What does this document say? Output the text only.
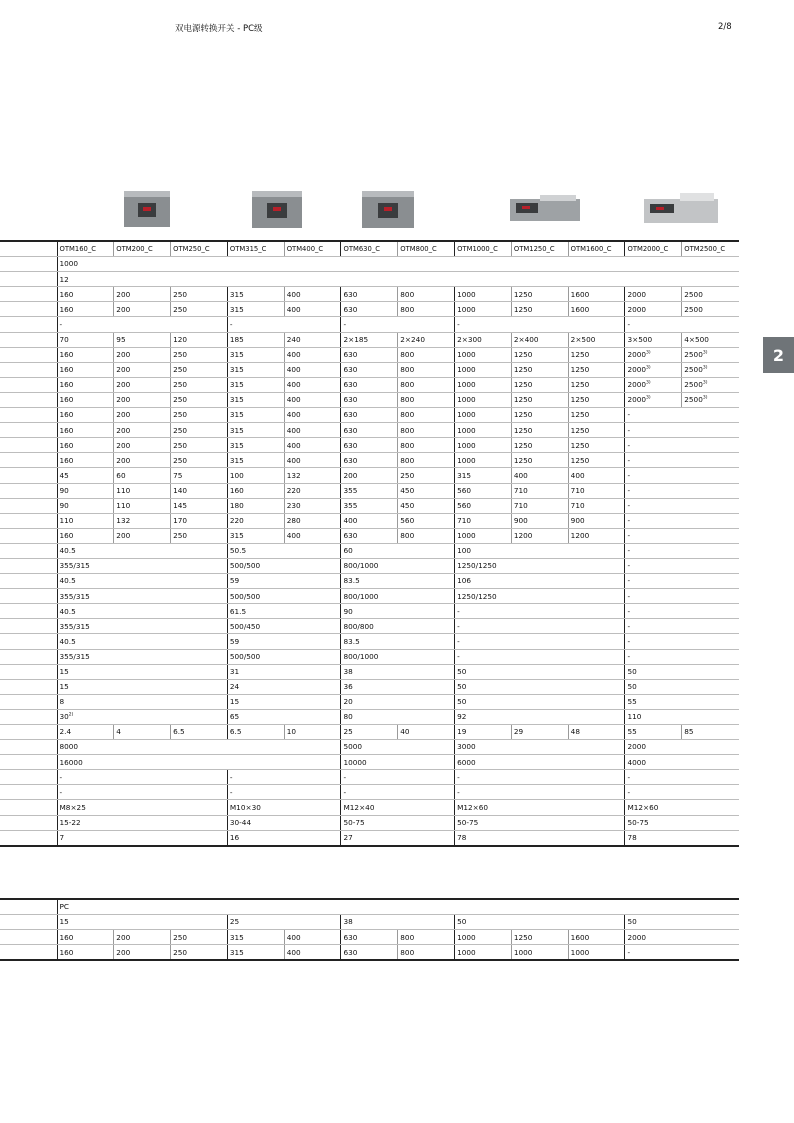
双电源转换开关 - PC级	2/8
2
	OTM160_C	OTM200_C	OTM250_C	OTM315_C	OTM400_C	OTM630_C	OTM800_C	OTM1000_C	OTM1250_C	OTM1600_C	OTM2000_C	OTM2500_C
	1000											
	12											
	160	200	250	315	400	630	800	1000	1250	1600	2000	2500
	160	200	250	315	400	630	800	1000	1250	1600	2000	2500
	-			-		-		-			-	
	70	95	120	185	240	2×185	2×240	2×300	2×400	2×500	3×500	4×500
	160	200	250	315	400	630	800	1000	1250	1250	2000$^{3)}$	2500$^{3)}$
	160	200	250	315	400	630	800	1000	1250	1250	2000$^{3)}$	2500$^{3)}$
	160	200	250	315	400	630	800	1000	1250	1250	2000$^{3)}$	2500$^{3)}$
	160	200	250	315	400	630	800	1000	1250	1250	2000$^{3)}$	2500$^{3)}$
	160	200	250	315	400	630	800	1000	1250	1250	-	
	160	200	250	315	400	630	800	1000	1250	1250	-	
	160	200	250	315	400	630	800	1000	1250	1250	-	
	160	200	250	315	400	630	800	1000	1250	1250	-	
	45	60	75	100	132	200	250	315	400	400	-	
	90	110	140	160	220	355	450	560	710	710	-	
	90	110	145	180	230	355	450	560	710	710	-	
	110	132	170	220	280	400	560	710	900	900	-	
	160	200	250	315	400	630	800	1000	1200	1200	-	
	40.5			50.5		60		100			-	
	355/315			500/500		800/1000		1250/1250			-	
	40.5			59		83.5		106			-	
	355/315			500/500		800/1000		1250/1250			-	
	40.5			61.5		90		-			-	
	355/315			500/450		800/800		-			-	
	40.5			59		83.5		-			-	
	355/315			500/500		800/1000		-			-	
	15			31		38		50			50	
	15			24		36		50			50	
	8			15		20		50			55	
	30$^{2)}$			65		80		92			110	
	2.4	4	6.5	6.5	10	25	40	19	29	48	55	85
	8000					5000		3000			2000	
	16000					10000		6000			4000	
	-			-		-		-			-	
	-			-		-		-			-	
	M8×25			M10×30		M12×40		M12×60			M12×60	
	15-22			30-44		50-75		50-75			50-75	
	7			16		27		78			78	
	PC										
	15			25		38		50			50
	160	200	250	315	400	630	800	1000	1250	1600	2000
	160	200	250	315	400	630	800	1000	1000	1000	-
